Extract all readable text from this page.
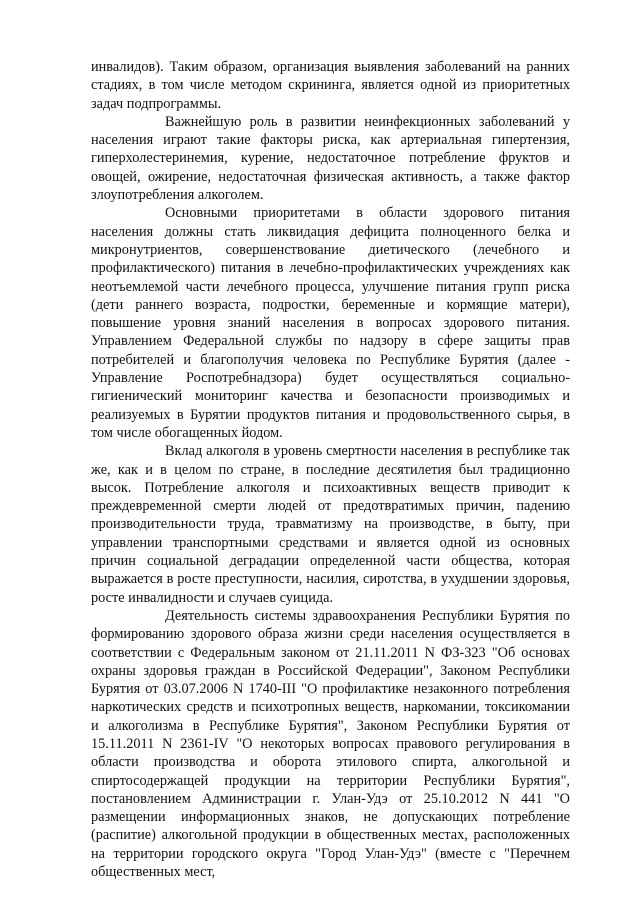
инвалидов). Таким образом, организация выявления заболеваний на ранних стадиях, в том числе методом скрининга, является одной из приоритетных задач подпрограммы.

Важнейшую роль в развитии неинфекционных заболеваний у населения играют такие факторы риска, как артериальная гипертензия, гиперхолестеринемия, курение, недостаточное потребление фруктов и овощей, ожирение, недостаточная физическая активность, а также фактор злоупотребления алкоголем.

Основными приоритетами в области здорового питания населения должны стать ликвидация дефицита полноценного белка и микронутриентов, совершенствование диетического (лечебного и профилактического) питания в лечебно-профилактических учреждениях как неотъемлемой части лечебного процесса, улучшение питания групп риска (дети раннего возраста, подростки, беременные и кормящие матери), повышение уровня знаний населения в вопросах здорового питания. Управлением Федеральной службы по надзору в сфере защиты прав потребителей и благополучия человека по Республике Бурятия (далее - Управление Роспотребнадзора) будет осуществляться социально-гигиенический мониторинг качества и безопасности производимых и реализуемых в Бурятии продуктов питания и продовольственного сырья, в том числе обогащенных йодом.

Вклад алкоголя в уровень смертности населения в республике так же, как и в целом по стране, в последние десятилетия был традиционно высок. Потребление алкоголя и психоактивных веществ приводит к преждевременной смерти людей от предотвратимых причин, падению производительности труда, травматизму на производстве, в быту, при управлении транспортными средствами и является одной из основных причин социальной деградации определенной части общества, которая выражается в росте преступности, насилия, сиротства, в ухудшении здоровья, росте инвалидности и случаев суицида.

Деятельность системы здравоохранения Республики Бурятия по формированию здорового образа жизни среди населения осуществляется в соответствии с Федеральным законом от 21.11.2011 N ФЗ-323 "Об основах охраны здоровья граждан в Российской Федерации", Законом Республики Бурятия от 03.07.2006 N 1740-III "О профилактике незаконного потребления наркотических средств и психотропных веществ, наркомании, токсикомании и алкоголизма в Республике Бурятия", Законом Республики Бурятия от 15.11.2011 N 2361-IV "О некоторых вопросах правового регулирования в области производства и оборота этилового спирта, алкогольной и спиртосодержащей продукции на территории Республики Бурятия", постановлением Администрации г. Улан-Удэ от 25.10.2012 N 441 "О размещении информационных знаков, не допускающих потребление (распитие) алкогольной продукции в общественных местах, расположенных на территории городского округа "Город Улан-Удэ" (вместе с "Перечнем общественных мест,
